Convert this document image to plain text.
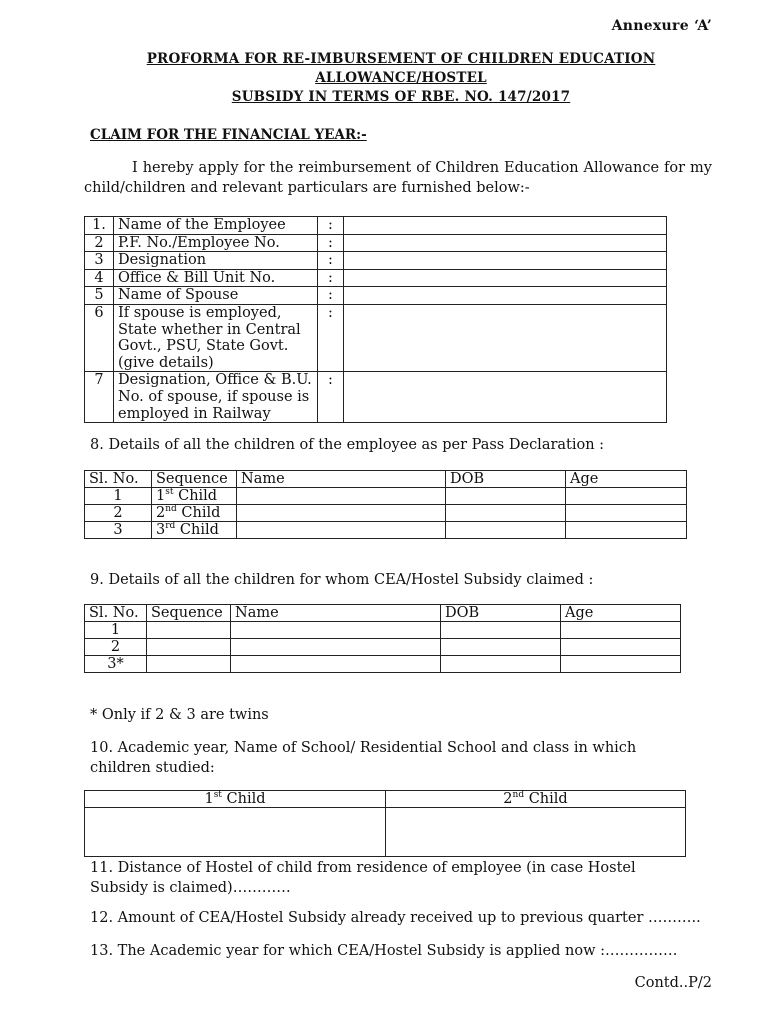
Annexure ‘A’
PROFORMA FOR RE-IMBURSEMENT OF CHILDREN EDUCATION
ALLOWANCE/HOSTEL
SUBSIDY IN TERMS OF RBE. NO. 147/2017
CLAIM FOR THE FINANCIAL YEAR:-
I hereby apply for the reimbursement of Children Education Allowance for my child/children and relevant particulars are furnished below:-
1.	Name of the Employee	:	
2	P.F. No./Employee No.	:	
3	Designation	:	
4	Office & Bill Unit No.	:	
5	Name of Spouse	:	
6	If spouse is employed, State whether in Central Govt., PSU, State Govt.(give details)	:	
7	Designation, Office & B.U. No. of spouse, if spouse is employed in Railway	:	
8. Details of all the children of the employee as per Pass Declaration :
Sl. No.	Sequence	Name	DOB	Age
1	1st Child			
2	2nd Child			
3	3rd Child			
9. Details of all the children for whom CEA/Hostel Subsidy claimed :
Sl. No.	Sequence	Name	DOB	Age
1				
2				
3*				
* Only if 2 & 3 are twins
10. Academic year, Name of School/ Residential School and class in which children studied:
1st Child	2nd Child

11. Distance of Hostel of child from residence of employee (in case Hostel Subsidy is claimed)…………
12. Amount of CEA/Hostel Subsidy already received up to previous quarter ………..
13. The Academic year for which CEA/Hostel Subsidy is applied now :……………
Contd..P/2
